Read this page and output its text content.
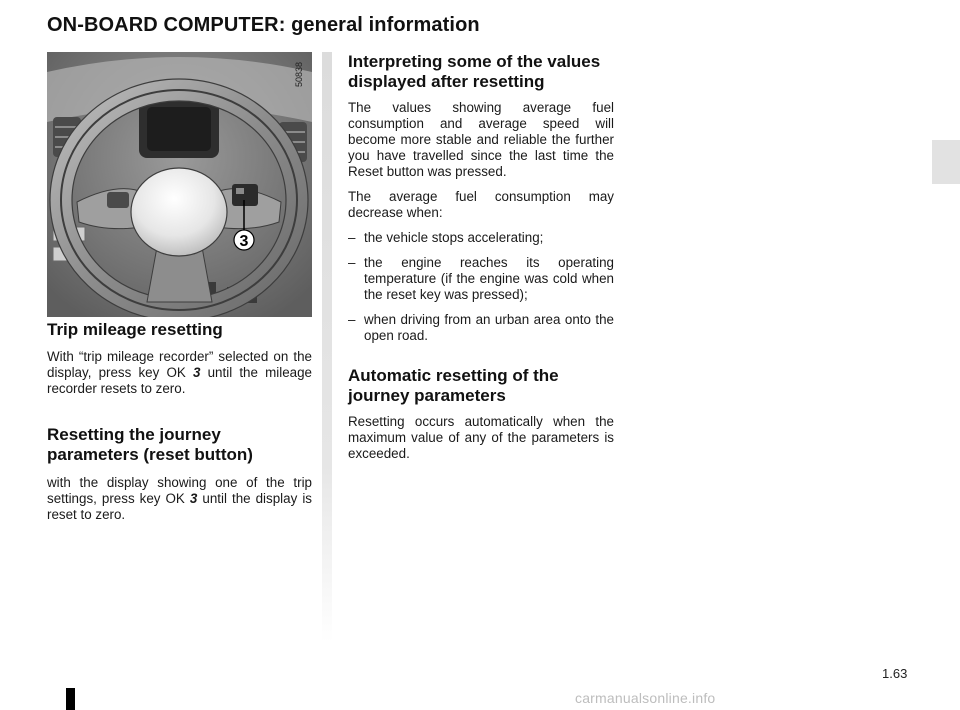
ON-BOARD COMPUTER: general information
3
50838
Trip mileage resetting

With “trip mileage recorder” selected on the display, press key OK 3 until the mileage recorder resets to zero.

Resetting the journey parameters (reset button)

with the display showing one of the trip settings, press key OK 3 until the display is reset to zero.

Interpreting some of the values displayed after resetting

The values showing average fuel consumption and average speed will become more stable and reliable the further you have travelled since the last time the Reset button was pressed.

The average fuel consumption may decrease when:

– the vehicle stops accelerating;
– the engine reaches its operating temperature (if the engine was cold when the reset key was pressed);
– when driving from an urban area onto the open road.
Automatic resetting of the journey parameters

Resetting occurs automatically when the maximum value of any of the parameters is exceeded.

1.63
carmanualsonline.info
